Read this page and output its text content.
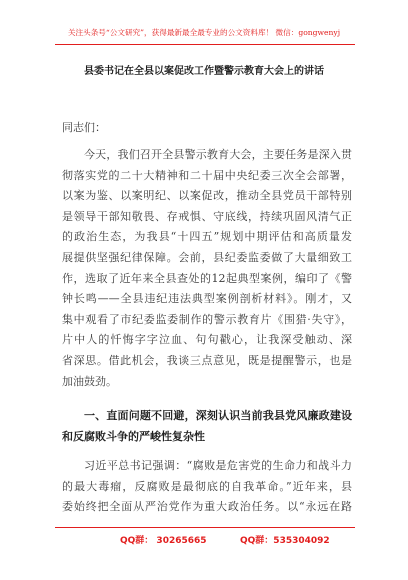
关注头条号“公文研究”，获得最新最全最专业的公文资料库！ 微信：gongwenyj
县委书记在全县以案促改工作暨警示教育大会上的讲话
同志们：
今天，我们召开全县警示教育大会，主要任务是深入贯
彻落实党的二十大精神和二十届中央纪委三次全会部署，
以案为鉴、以案明纪、以案促改，推动全县党员干部特别
是领导干部知敬畏、存戒惧、守底线，持续巩固风清气正
的政治生态，为我县“十四五”规划中期评估和高质量发
展提供坚强纪律保障。会前，县纪委监委做了大量细致工
作，选取了近年来全县查处的12起典型案例，编印了《警
钟长鸣——全县违纪违法典型案例剖析材料》。刚才，又
集中观看了市纪委监委制作的警示教育片《围猎·失守》，
片中人的忏悔字字泣血、句句戳心，让我深受触动、深
省深思。借此机会，我谈三点意见，既是提醒警示，也是
加油鼓劲。
一、直面问题不回避，深刻认识当前我县党风廉政建设
和反腐败斗争的严峻性复杂性
习近平总书记强调：“腐败是危害党的生命力和战斗力
的最大毒瘤，反腐败是最彻底的自我革命。”近年来，县
委始终把全面从严治党作为重大政治任务。以“永远在路
QQ群： 30265665	QQ群：535304092
